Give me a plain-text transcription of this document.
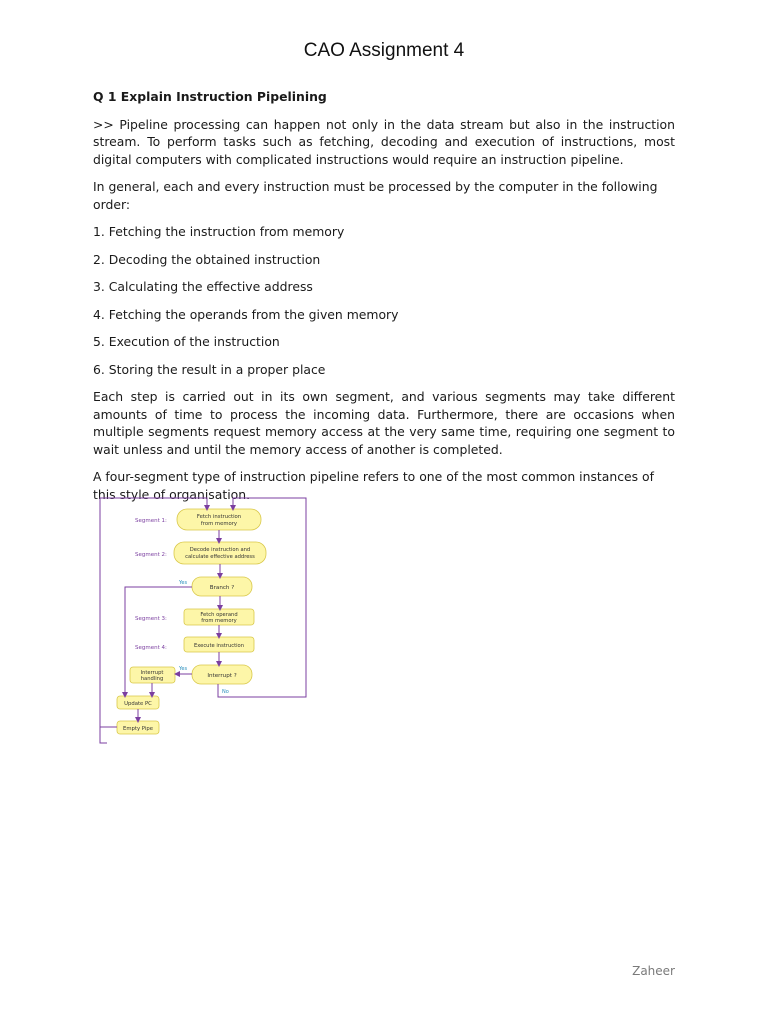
CAO Assignment 4

Q 1 Explain Instruction Pipelining

>> Pipeline processing can happen not only in the data stream but also in the instruction stream. To perform tasks such as fetching, decoding and execution of instructions, most digital computers with complicated instructions would require an instruction pipeline.

In general, each and every instruction must be processed by the computer in the following order:

1. Fetching the instruction from memory

2. Decoding the obtained instruction

3. Calculating the effective address

4. Fetching the operands from the given memory

5. Execution of the instruction

6. Storing the result in a proper place

Each step is carried out in its own segment, and various segments may take different amounts of time to process the incoming data. Furthermore, there are occasions when multiple segments request memory access at the very same time, requiring one segment to wait unless and until the memory access of another is completed.

A four-segment type of instruction pipeline refers to one of the most common instances of this style of organisation.

Segment 1:
Segment 2:
Segment 3:
Segment 4:
Fetch instruction
from memory
Decode instruction and
calculate effective address
Branch ?
Yes
Fetch operand
from memory
Execute instruction
Interrupt ?
Yes
No
Interrupt
handling
Update PC
Empty Pipe
Zaheer
